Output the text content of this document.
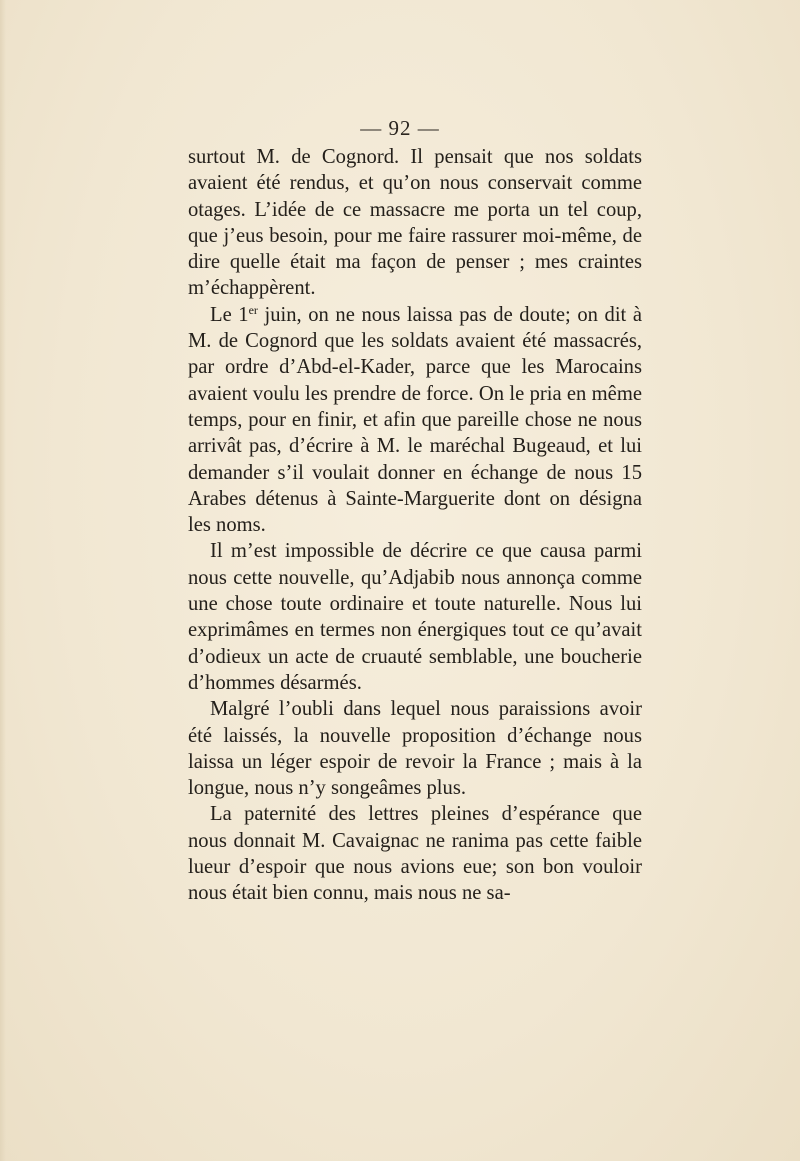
— 92 —

surtout M. de Cognord. Il pensait que nos soldats avaient été rendus, et qu’on nous conservait comme otages. L’idée de ce massacre me porta un tel coup, que j’eus besoin, pour me faire rassurer moi-même, de dire quelle était ma façon de penser ; mes craintes m’échappèrent.

Le 1er juin, on ne nous laissa pas de doute; on dit à M. de Cognord que les soldats avaient été massacrés, par ordre d’Abd-el-Kader, parce que les Marocains avaient voulu les prendre de force. On le pria en même temps, pour en finir, et afin que pareille chose ne nous arrivât pas, d’écrire à M. le maréchal Bugeaud, et lui demander s’il voulait donner en échange de nous 15 Arabes détenus à Sainte-Marguerite dont on désigna les noms.

Il m’est impossible de décrire ce que causa parmi nous cette nouvelle, qu’Adjabib nous annonça comme une chose toute ordinaire et toute naturelle. Nous lui exprimâmes en termes non énergiques tout ce qu’avait d’odieux un acte de cruauté semblable, une boucherie d’hommes désarmés.

Malgré l’oubli dans lequel nous paraissions avoir été laissés, la nouvelle proposition d’échange nous laissa un léger espoir de revoir la France ; mais à la longue, nous n’y songeâmes plus.

La paternité des lettres pleines d’espérance que nous donnait M. Cavaignac ne ranima pas cette faible lueur d’espoir que nous avions eue; son bon vouloir nous était bien connu, mais nous ne sa-
